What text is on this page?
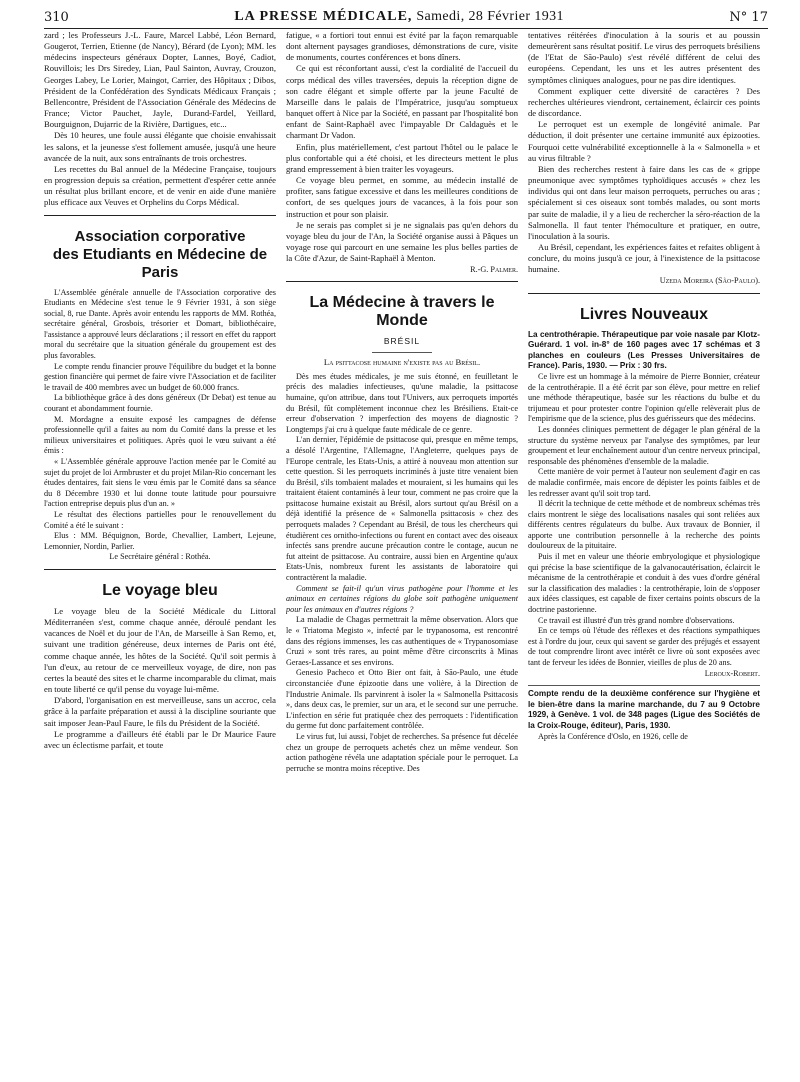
310	LA PRESSE MÉDICALE, Samedi, 28 Février 1931	N° 17

zard ; les Professeurs J.-L. Faure, Marcel Labbé, Léon Bernard, Gougerot, Terrien, Etienne (de Nancy), Bérard (de Lyon); MM. les médecins inspecteurs généraux Dopter, Lannes, Boyé, Cadiot, Rouvillois; les Drs Siredey, Lian, Paul Sainton, Auvray, Crouzon, Georges Labey, Le Lorier, Maingot, Carrier, des Hôpitaux ; Dibos, Président de la Confédération des Syndicats Médicaux Français ; Bellencontre, Président de l'Association Générale des Médecins de France; Victor Pauchet, Jayle, Durand-Fardel, Yeillard, Bourguignon, Dujarric de la Rivière, Dartigues, etc...

Dès 10 heures, une foule aussi élégante que choisie envahissait les salons, et la jeunesse s'est follement amusée, jusqu'à une heure avancée de la nuit, aux sons entraînants de trois orchestres.

Les recettes du Bal annuel de la Médecine Française, toujours en progression depuis sa création, permettent d'espérer cette année un résultat plus brillant encore, et de venir en aide d'une manière plus efficace aux Veuves et Orphelins du Corps Médical.

Association corporative
des Etudiants en Médecine de Paris

L'Assemblée générale annuelle de l'Association corporative des Etudiants en Médecine s'est tenue le 9 Février 1931, à son siège social, 8, rue Dante. Après avoir entendu les rapports de MM. Rothéa, secrétaire général, Grosbois, trésorier et Domart, bibliothécaire, l'assistance a approuvé leurs déclarations ; il ressort en effet du rapport moral du secrétaire que la situation générale du groupement est des plus favorables.

Le compte rendu financier prouve l'équilibre du budget et la bonne gestion financière qui permet de faire vivre l'Association et de faciliter le travail de 400 membres avec un budget de 60.000 francs.

La bibliothèque grâce à des dons généreux (Dr Debat) est tenue au courant et abondamment fournie.

M. Mordagne a ensuite exposé les campagnes de défense professionnelle qu'il a faites au nom du Comité dans la presse et les milieux universitaires et politiques. Après quoi le vœu suivant a été émis :

« L'Assemblée générale approuve l'action menée par le Comité au sujet du projet de loi Armbruster et du projet Milan-Rio concernant les études dentaires, fait siens le vœu émis par le Comité dans sa séance du 8 Décembre 1930 et lui donne toute latitude pour poursuivre l'action entreprise depuis plus d'un an. »

Le résultat des élections partielles pour le renouvellement du Comité a été le suivant :

Elus : MM. Béquignon, Borde, Chevallier, Lambert, Lejeune, Lemonnier, Nordin, Parlier.

Le Secrétaire général : Rothéa.

Le voyage bleu

Le voyage bleu de la Société Médicale du Littoral Méditerranéen s'est, comme chaque année, déroulé pendant les vacances de Noël et du jour de l'An, de Marseille à San Remo, et, suivant une tradition généreuse, deux internes de Paris ont été, comme chaque année, les hôtes de la Société. Qu'il soit permis à l'un d'eux, au retour de ce merveilleux voyage, de dire, non pas certes la beauté des sites et le charme incomparable du climat, mais en toute liberté ce qu'il pense du voyage lui-même.

D'abord, l'organisation en est merveilleuse, sans un accroc, cela grâce à la parfaite préparation et aussi à la discipline souriante que sait imposer Jean-Paul Faure, le fils du Président de la Société.

Le programme a d'ailleurs été établi par le Dr Maurice Faure avec un éclectisme parfait, et toute

fatigue, « a fortiori tout ennui est évité par la façon remarquable dont alternent paysages grandioses, démonstrations de cure, visite de monuments, courtes conférences et bons dîners.

Ce qui est réconfortant aussi, c'est la cordialité de l'accueil du corps médical des villes traversées, depuis la réception digne de son cadre élégant et simple offerte par la jeune Faculté de Marseille dans le palais de l'Impératrice, jusqu'au somptueux banquet offert à Nice par la Société, en passant par l'hospitalité bon enfant de Saint-Raphaël avec l'impayable Dr Caldaguès et le charmant Dr Vadon.

Enfin, plus matériellement, c'est partout l'hôtel ou le palace le plus confortable qui a été choisi, et les directeurs mettent le plus grand empressement à bien traiter les voyageurs.

Ce voyage bleu permet, en somme, au médecin installé de profiter, sans fatigue excessive et dans les meilleures conditions de confort, de ses quelques jours de vacances, à la fois pour son instruction et pour son plaisir.

Je ne serais pas complet si je ne signalais pas qu'en dehors du voyage bleu du jour de l'An, la Société organise aussi à Pâques un voyage rose qui parcourt en une semaine les plus belles parties de la Côte d'Azur, de Saint-Raphaël à Menton.

R.-G. Palmer.

La Médecine à travers le Monde
BRÉSIL

La psittacose humaine n'existe pas au Brésil.

Dès mes études médicales, je me suis étonné, en feuilletant le précis des maladies infectieuses, qu'une maladie, la psittacose humaine, qu'on attribue, dans tout l'Univers, aux perroquets importés du Brésil, fût complètement inconnue chez les Brésiliens. Etait-ce erreur d'observation ? imperfection des moyens de diagnostic ? Longtemps j'ai cru à quelque faute médicale de ce genre.

L'an dernier, l'épidémie de psittacose qui, presque en même temps, a désolé l'Argentine, l'Allemagne, l'Angleterre, quelques pays de l'Europe centrale, les Etats-Unis, a attiré à nouveau mon attention sur cette question. Si les perroquets incriminés à juste titre venaient bien du Brésil, s'ils tombaient malades et mouraient, si les humains qui les traitaient étaient contaminés à leur tour, comment ne pas croire que la psittacose humaine existait au Brésil, alors surtout qu'au Brésil on a déjà identifié la présence de « Salmonella psittacosis » chez des perroquets malades ? Cependant au Brésil, de tous les chercheurs qui étudièrent ces ornitho-infections ou furent en contact avec des oiseaux infectés sans prendre aucune précaution contre le contage, aucun ne fut atteint de psittacose. Au contraire, aussi bien en Argentine qu'aux Etats-Unis, nombreux furent les assistants de laboratoire qui contractèrent la maladie.

Comment se fait-il qu'un virus pathogène pour l'homme et les animaux en certaines régions du globe soit pathogène uniquement pour les animaux en d'autres régions ?

La maladie de Chagas permettrait la même observation. Alors que le « Triatoma Megisto », infecté par le trypanosoma, est rencontré dans des régions immenses, les cas authentiques de « Trypanosomiase Cruzi » sont très rares, au point même d'être circonscrits à Minas Geraes-Lassance et ses environs.

Genesio Pacheco et Otto Bier ont fait, à São-Paulo, une étude circonstanciée d'une épizootie dans une volière, à la Direction de l'Industrie Animale. Ils parvinrent à isoler la « Salmonella Psittacosis », dans deux cas, le premier, sur un ara, et le second sur une perruche. L'infection en série fut pratiquée chez des perroquets : l'identification du germe fut donc parfaitement contrôlée.

Le virus fut, lui aussi, l'objet de recherches. Sa présence fut décelée chez un groupe de perroquets achetés chez un même vendeur. Son action pathogène révéla une adaptation spéciale pour le perroquet. La perruche se montra moins réceptive. Des

tentatives réitérées d'inoculation à la souris et au poussin demeurèrent sans résultat positif. Le virus des perroquets brésiliens (de l'Etat de São-Paulo) s'est révélé différent de celui des européens. Cependant, les uns et les autres présentent des symptômes cliniques analogues, pour ne pas dire identiques.

Comment expliquer cette diversité de caractères ? Des recherches ultérieures viendront, certainement, éclaircir ces points de discordance.

Le perroquet est un exemple de longévité animale. Par déduction, il doit présenter une certaine immunité aux épizooties. Fourquoi cette vulnérabilité exceptionnelle à la « Salmonella » et au virus filtrable ?

Bien des recherches restent à faire dans les cas de « grippe pneumonique avec symptômes typhoïdiques accusés » chez les individus qui ont dans leur maison perroquets, perruches ou aras ; spécialement si ces oiseaux sont tombés malades, ou sont morts par suite de maladie, il y a lieu de rechercher la séro-réaction de la Salmonella. Il faut tenter l'hémoculture et pratiquer, en outre, l'inoculation à la souris.

Au Brésil, cependant, les expériences faites et refaites obligent à conclure, du moins jusqu'à ce jour, à l'inexistence de la psittacose humaine.

Uzeda Moreira (São-Paulo).

Livres Nouveaux

La centrothérapie. Thérapeutique par voie nasale par Klotz-Guérard. 1 vol. in-8° de 160 pages avec 17 schémas et 3 planches en couleurs (Les Presses Universitaires de France). Paris, 1930. — Prix : 30 frs.

Ce livre est un hommage à la mémoire de Pierre Bonnier, créateur de la centrothérapie. Il a été écrit par son élève, pour mettre en relief une méthode thérapeutique, basée sur les réactions du bulbe et du trijumeau et pour protester contre l'opinion qu'elle relèverait plus de l'empirisme que de la science, plus des guérisseurs que des médecins.

Les données cliniques permettent de dégager le plan général de la structure du système nerveux par l'analyse des symptômes, par leur groupement et leur enchaînement autour d'un centre nerveux principal, responsable des phénomènes d'ensemble de la maladie.

Cette manière de voir permet à l'auteur non seulement d'agir en cas de maladie confirmée, mais encore de dépister les points faibles et de les redresser avant qu'il soit trop tard.

Il décrit la technique de cette méthode et de nombreux schémas très clairs montrent le siège des localisations nasales qui sont reliées aux différents centres régulateurs du bulbe. Aux travaux de Bonnier, il apporte une contribution personnelle à la recherche des points douloureux de la pituitaire.

Puis il met en valeur une théorie embryologique et physiologique qui précise la base scientifique de la galvanocautérisation, éclaircit le mécanisme de la centrothérapie et conduit à des vues d'ordre général sur la classification des maladies : la centrothérapie, loin de s'opposer aux idées classiques, est capable de fixer certains points obscurs de la doctrine pastorienne.

Ce travail est illustré d'un très grand nombre d'observations.

En ce temps où l'étude des réflexes et des réactions sympathiques est à l'ordre du jour, ceux qui savent se garder des préjugés et essayent de tout comprendre liront avec intérêt ce livre où sont exposées avec tant de ferveur les idées de Bonnier, vieilles de plus de 20 ans.

Leroux-Robert.

Compte rendu de la deuxième conférence sur l'hygiène et le bien-être dans la marine marchande, du 7 au 9 Octobre 1929, à Genève. 1 vol. de 348 pages (Ligue des Sociétés de la Croix-Rouge, éditeur), Paris, 1930.

Après la Conférence d'Oslo, en 1926, celle de
